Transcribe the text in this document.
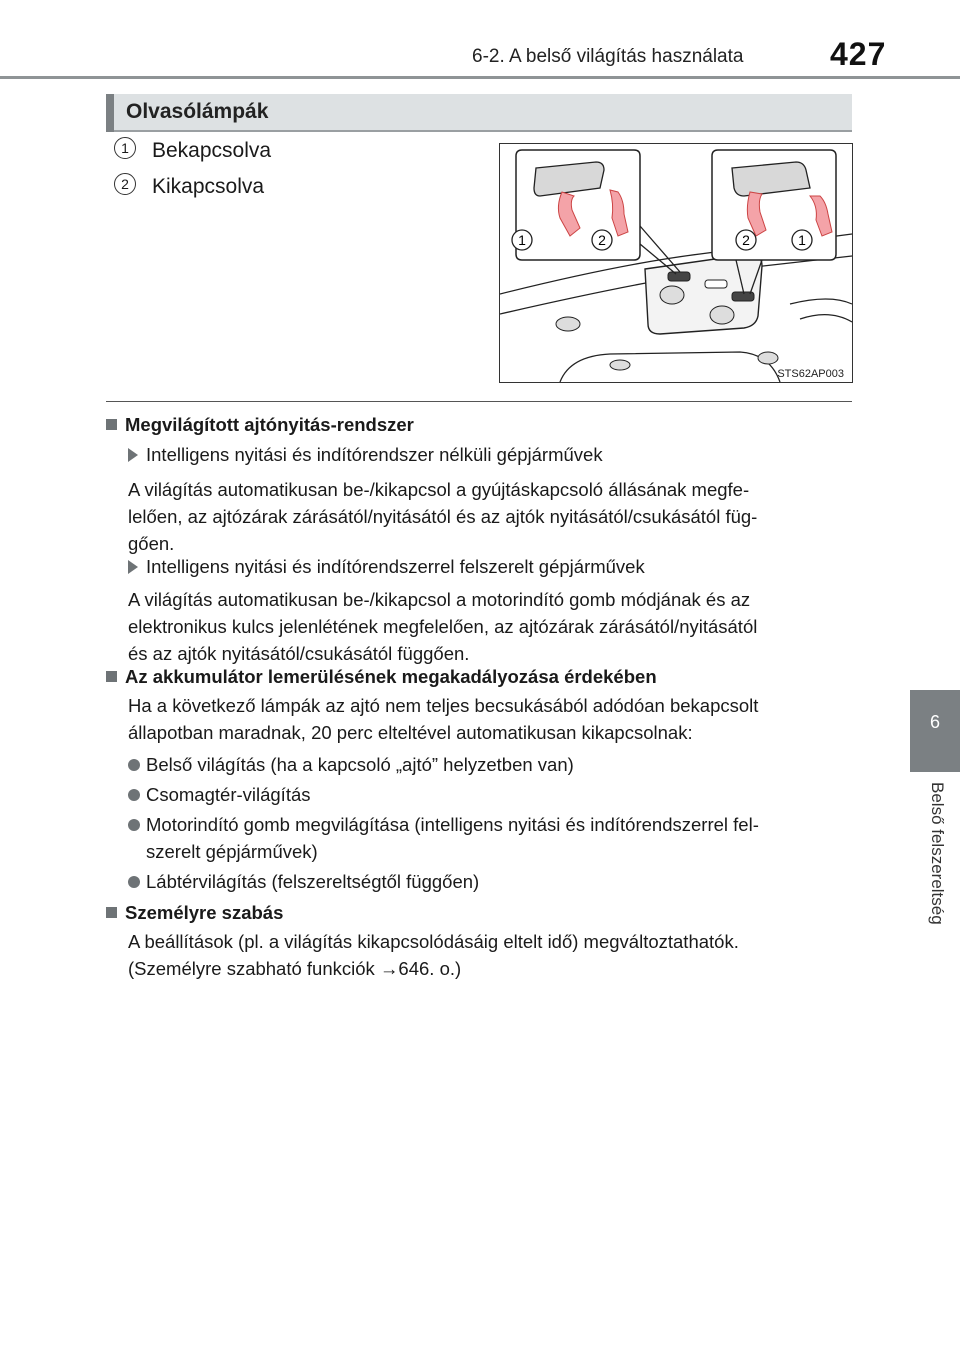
6-2. A belső világítás használata	427
6
Belső felszereltség
Olvasólámpák
1 Bekapcsolva
2 Kikapcsolva
1	2	2	1
STS62AP003
Megvilágított ajtónyitás-rendszer
Intelligens nyitási és indítórendszer nélküli gépjárművek
A világítás automatikusan be-/kikapcsol a gyújtáskapcsoló állásának megfe-
lelően, az ajtózárak zárásától/nyitásától és az ajtók nyitásától/csukásától füg-
gően.
Intelligens nyitási és indítórendszerrel felszerelt gépjárművek
A világítás automatikusan be-/kikapcsol a motorindító gomb módjának és az
elektronikus kulcs jelenlétének megfelelően, az ajtózárak zárásától/nyitásától
és az ajtók nyitásától/csukásától függően.
Az akkumulátor lemerülésének megakadályozása érdekében
Ha a következő lámpák az ajtó nem teljes becsukásából adódóan bekapcsolt
állapotban maradnak, 20 perc elteltével automatikusan kikapcsolnak:
Belső világítás (ha a kapcsoló „ajtó” helyzetben van)
Csomagtér-világítás
Motorindító gomb megvilágítása (intelligens nyitási és indítórendszerrel fel-
szerelt gépjárművek)
Lábtérvilágítás (felszereltségtől függően)
Személyre szabás
A beállítások (pl. a világítás kikapcsolódásáig eltelt idő) megváltoztathatók.
(Személyre szabható funkciók →646. o.)
